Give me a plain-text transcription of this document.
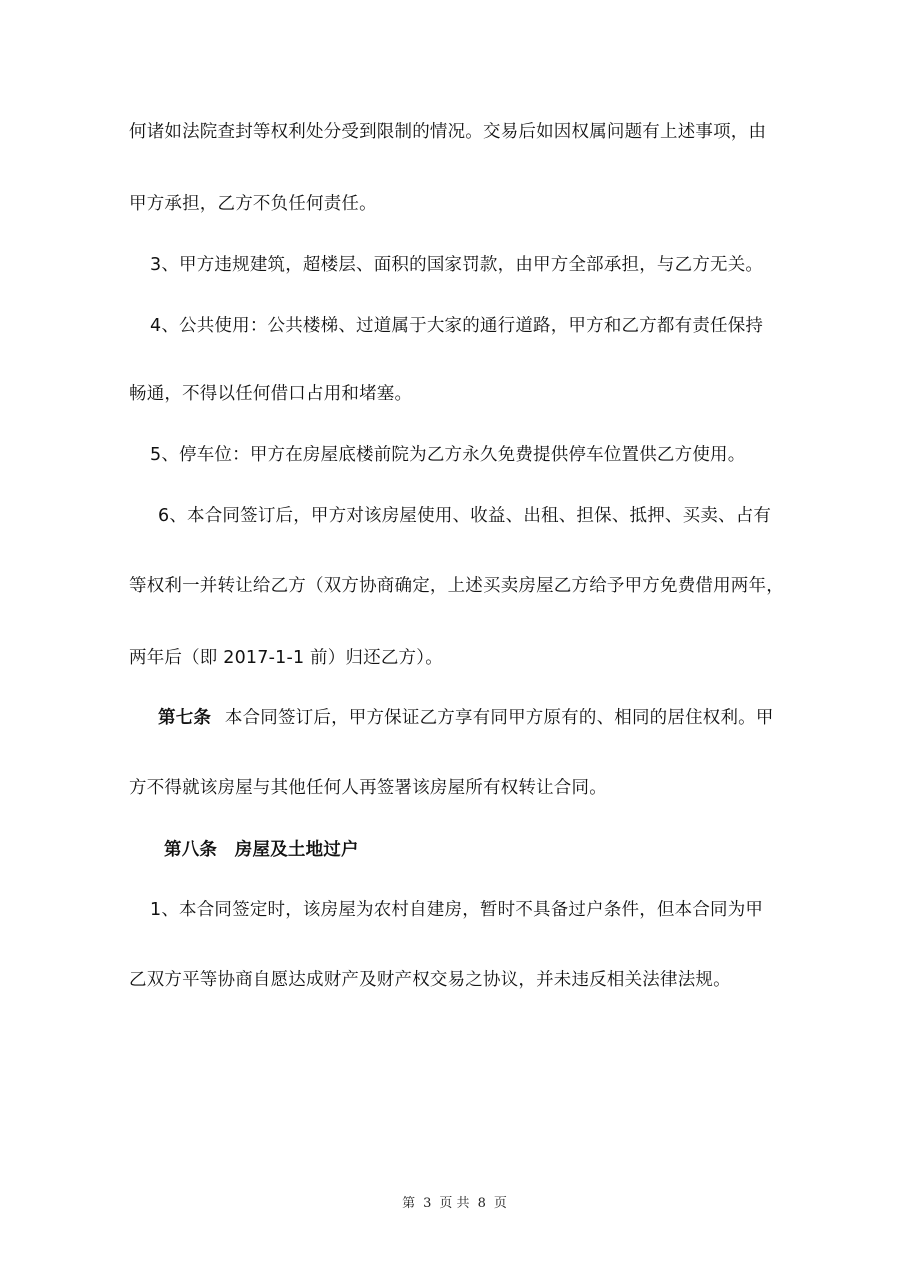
何诸如法院查封等权利处分受到限制的情况。交易后如因权属问题有上述事项，由
甲方承担，乙方不负任何责任。
3、甲方违规建筑，超楼层、面积的国家罚款，由甲方全部承担，与乙方无关。
4、公共使用：公共楼梯、过道属于大家的通行道路，甲方和乙方都有责任保持
畅通，不得以任何借口占用和堵塞。
5、停车位：甲方在房屋底楼前院为乙方永久免费提供停车位置供乙方使用。
6、本合同签订后，甲方对该房屋使用、收益、出租、担保、抵押、买卖、占有
等权利一并转让给乙方（双方协商确定，上述买卖房屋乙方给予甲方免费借用两年，
两年后（即 2017-1-1 前）归还乙方）。
第七条 本合同签订后，甲方保证乙方享有同甲方原有的、相同的居住权利。甲
方不得就该房屋与其他任何人再签署该房屋所有权转让合同。
第八条　房屋及土地过户
1、本合同签定时，该房屋为农村自建房，暂时不具备过户条件，但本合同为甲
乙双方平等协商自愿达成财产及财产权交易之协议，并未违反相关法律法规。
第 3 页 共 8 页
